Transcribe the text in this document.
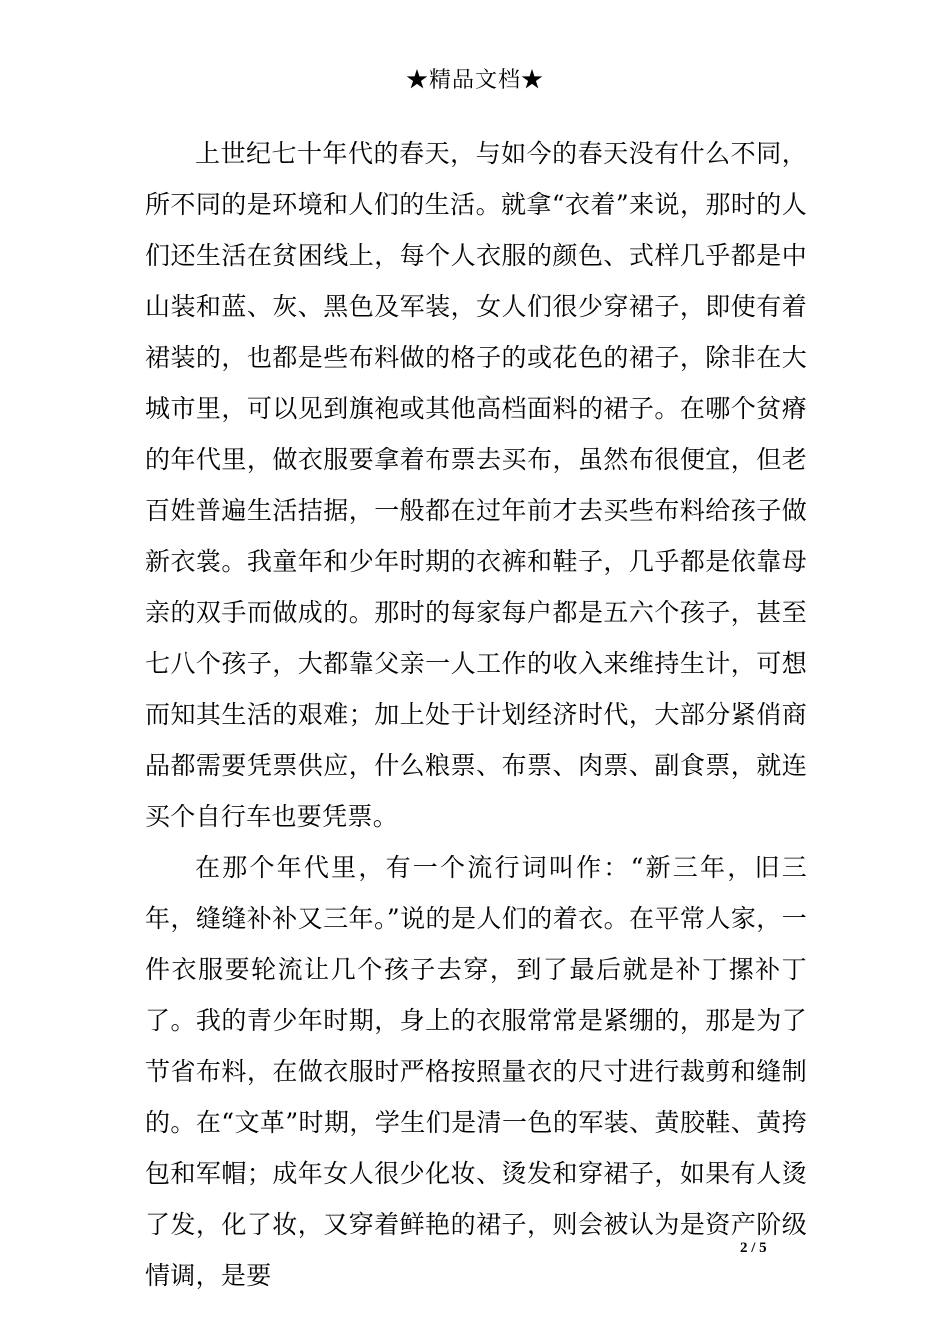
★精品文档★

上世纪七十年代的春天，与如今的春天没有什么不同，所不同的是环境和人们的生活。就拿“衣着”来说，那时的人们还生活在贫困线上，每个人衣服的颜色、式样几乎都是中山装和蓝、灰、黑色及军装，女人们很少穿裙子，即使有着裙装的，也都是些布料做的格子的或花色的裙子，除非在大城市里，可以见到旗袍或其他高档面料的裙子。在哪个贫瘠的年代里，做衣服要拿着布票去买布，虽然布很便宜，但老百姓普遍生活拮据，一般都在过年前才去买些布料给孩子做新衣裳。我童年和少年时期的衣裤和鞋子，几乎都是依靠母亲的双手而做成的。那时的每家每户都是五六个孩子，甚至七八个孩子，大都靠父亲一人工作的收入来维持生计，可想而知其生活的艰难；加上处于计划经济时代，大部分紧俏商品都需要凭票供应，什么粮票、布票、肉票、副食票，就连买个自行车也要凭票。

在那个年代里，有一个流行词叫作：“新三年，旧三年，缝缝补补又三年。”说的是人们的着衣。在平常人家，一件衣服要轮流让几个孩子去穿，到了最后就是补丁摞补丁了。我的青少年时期，身上的衣服常常是紧绷的，那是为了节省布料，在做衣服时严格按照量衣的尺寸进行裁剪和缝制的。在“文革”时期，学生们是清一色的军装、黄胶鞋、黄挎包和军帽；成年女人很少化妆、烫发和穿裙子，如果有人烫了发，化了妆，又穿着鲜艳的裙子，则会被认为是资产阶级情调，是要

2 / 5
